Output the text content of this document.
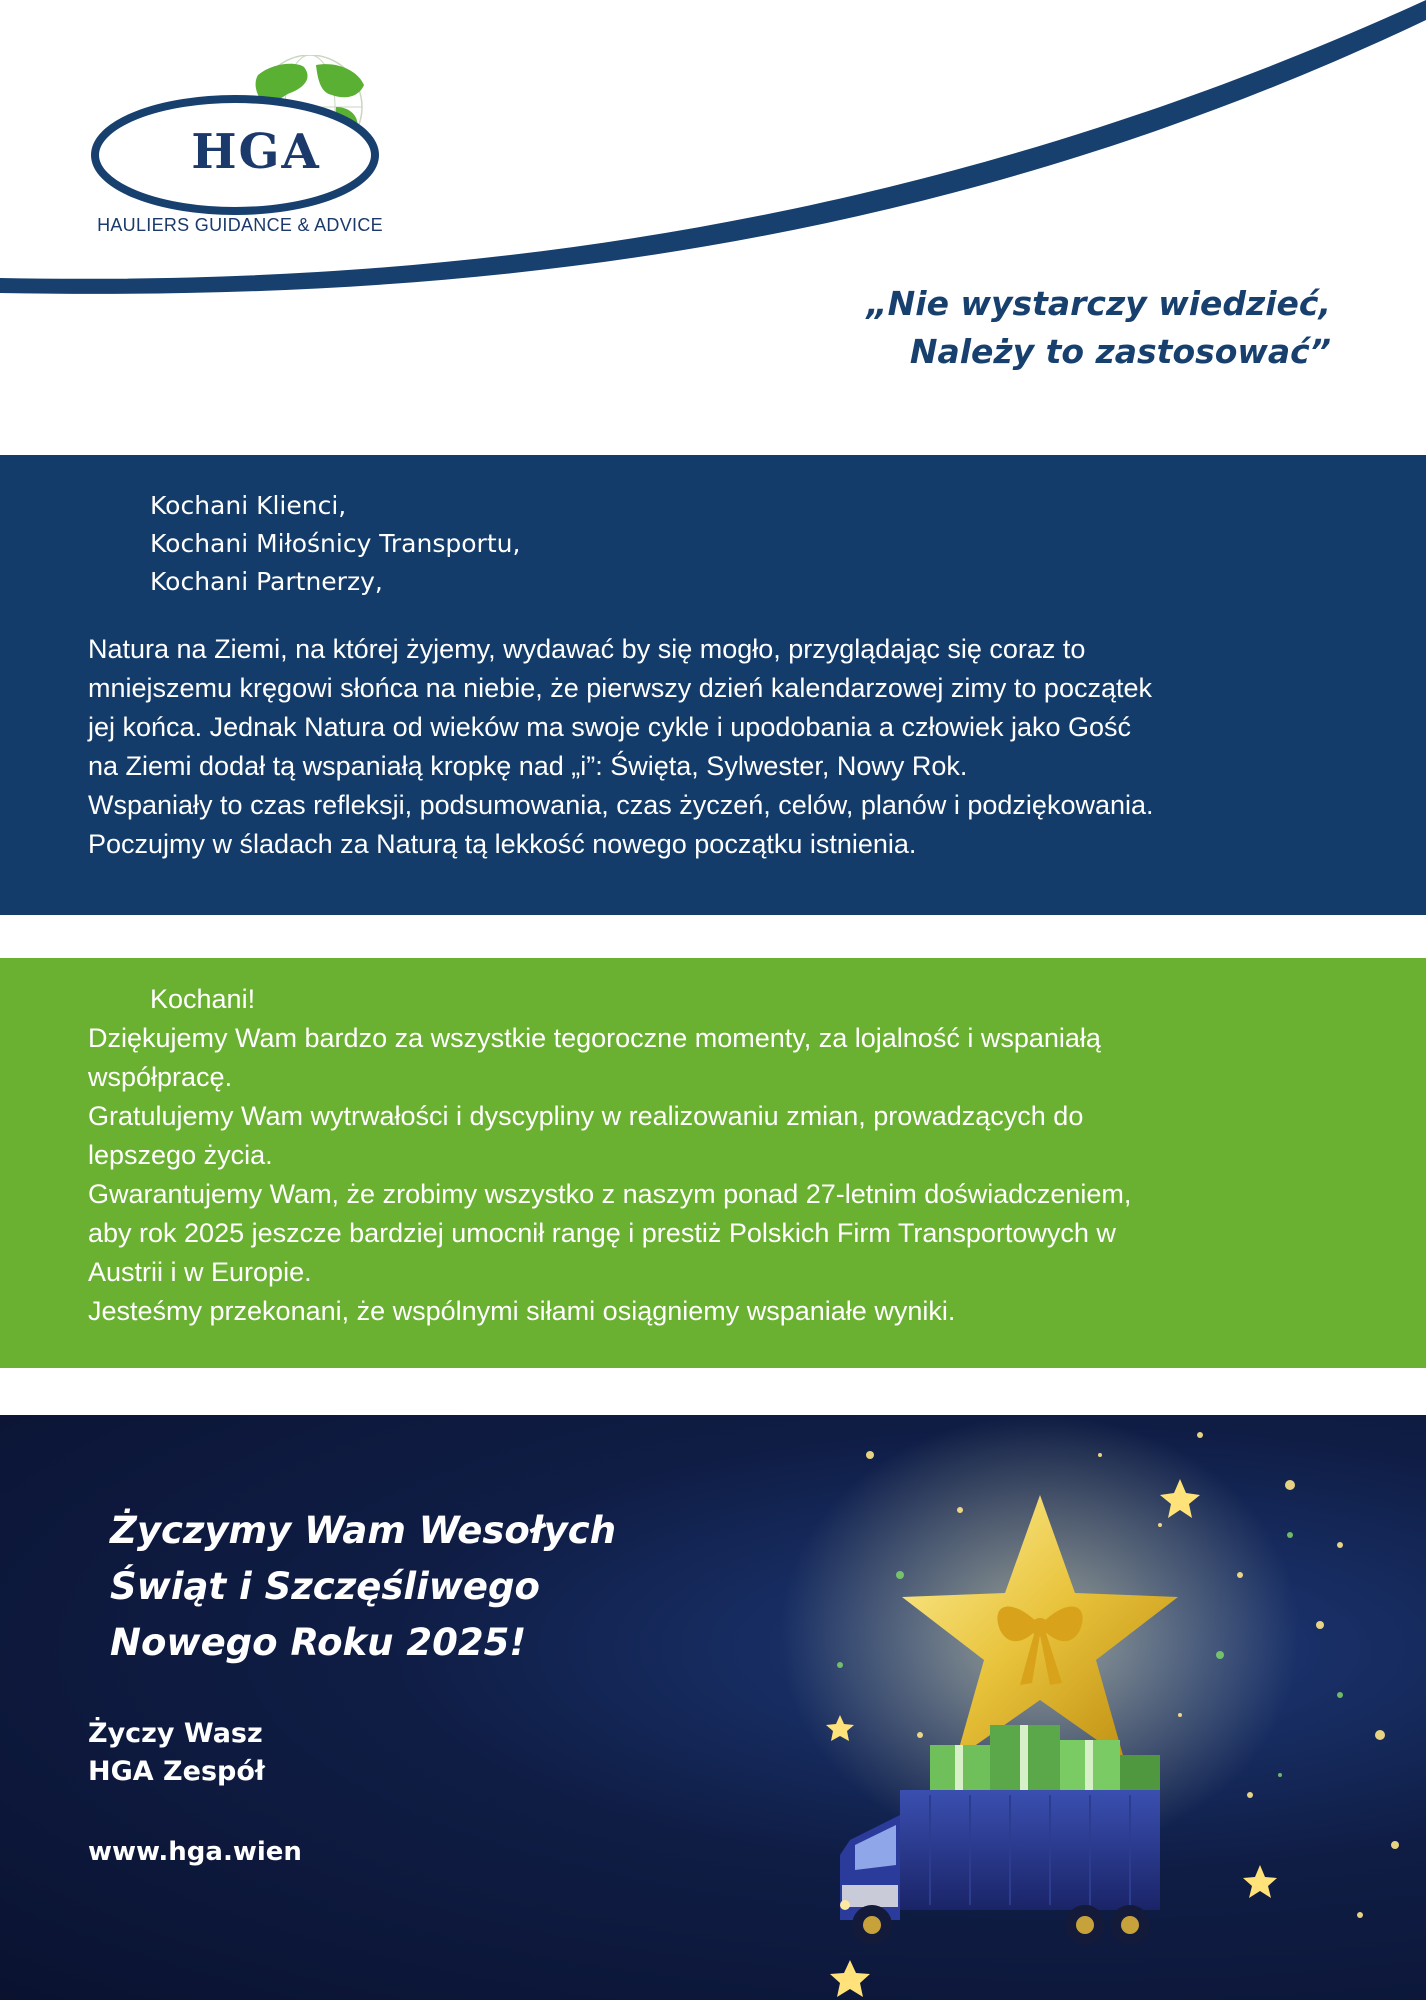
HGA
HAULIERS GUIDANCE & ADVICE
„Nie wystarczy wiedzieć,
Należy to zastosować”
Kochani Klienci,
Kochani Miłośnicy Transportu,
Kochani Partnerzy,
Natura na Ziemi, na której żyjemy, wydawać by się mogło, przyglądając się coraz to
mniejszemu kręgowi słońca na niebie, że pierwszy dzień kalendarzowej zimy to początek
jej końca. Jednak Natura od wieków ma swoje cykle i upodobania a człowiek jako Gość
na Ziemi dodał tą wspaniałą kropkę nad „i”: Święta, Sylwester, Nowy Rok.
Wspaniały to czas refleksji, podsumowania, czas życzeń, celów, planów i podziękowania.
Poczujmy w śladach za Naturą tą lekkość nowego początku istnienia.
Kochani!
Dziękujemy Wam bardzo za wszystkie tegoroczne momenty, za lojalność i wspaniałą
współpracę.
Gratulujemy Wam wytrwałości i dyscypliny w realizowaniu zmian, prowadzących do
lepszego życia.
Gwarantujemy Wam, że zrobimy wszystko z naszym ponad 27-letnim doświadczeniem,
aby rok 2025 jeszcze bardziej umocnił rangę i prestiż Polskich Firm Transportowych w
Austrii i w Europie.
Jesteśmy przekonani, że wspólnymi siłami osiągniemy wspaniałe wyniki.
Życzymy Wam Wesołych
Świąt i Szczęśliwego
Nowego Roku 2025!
Życzy Wasz
HGA Zespół
www.hga.wien
